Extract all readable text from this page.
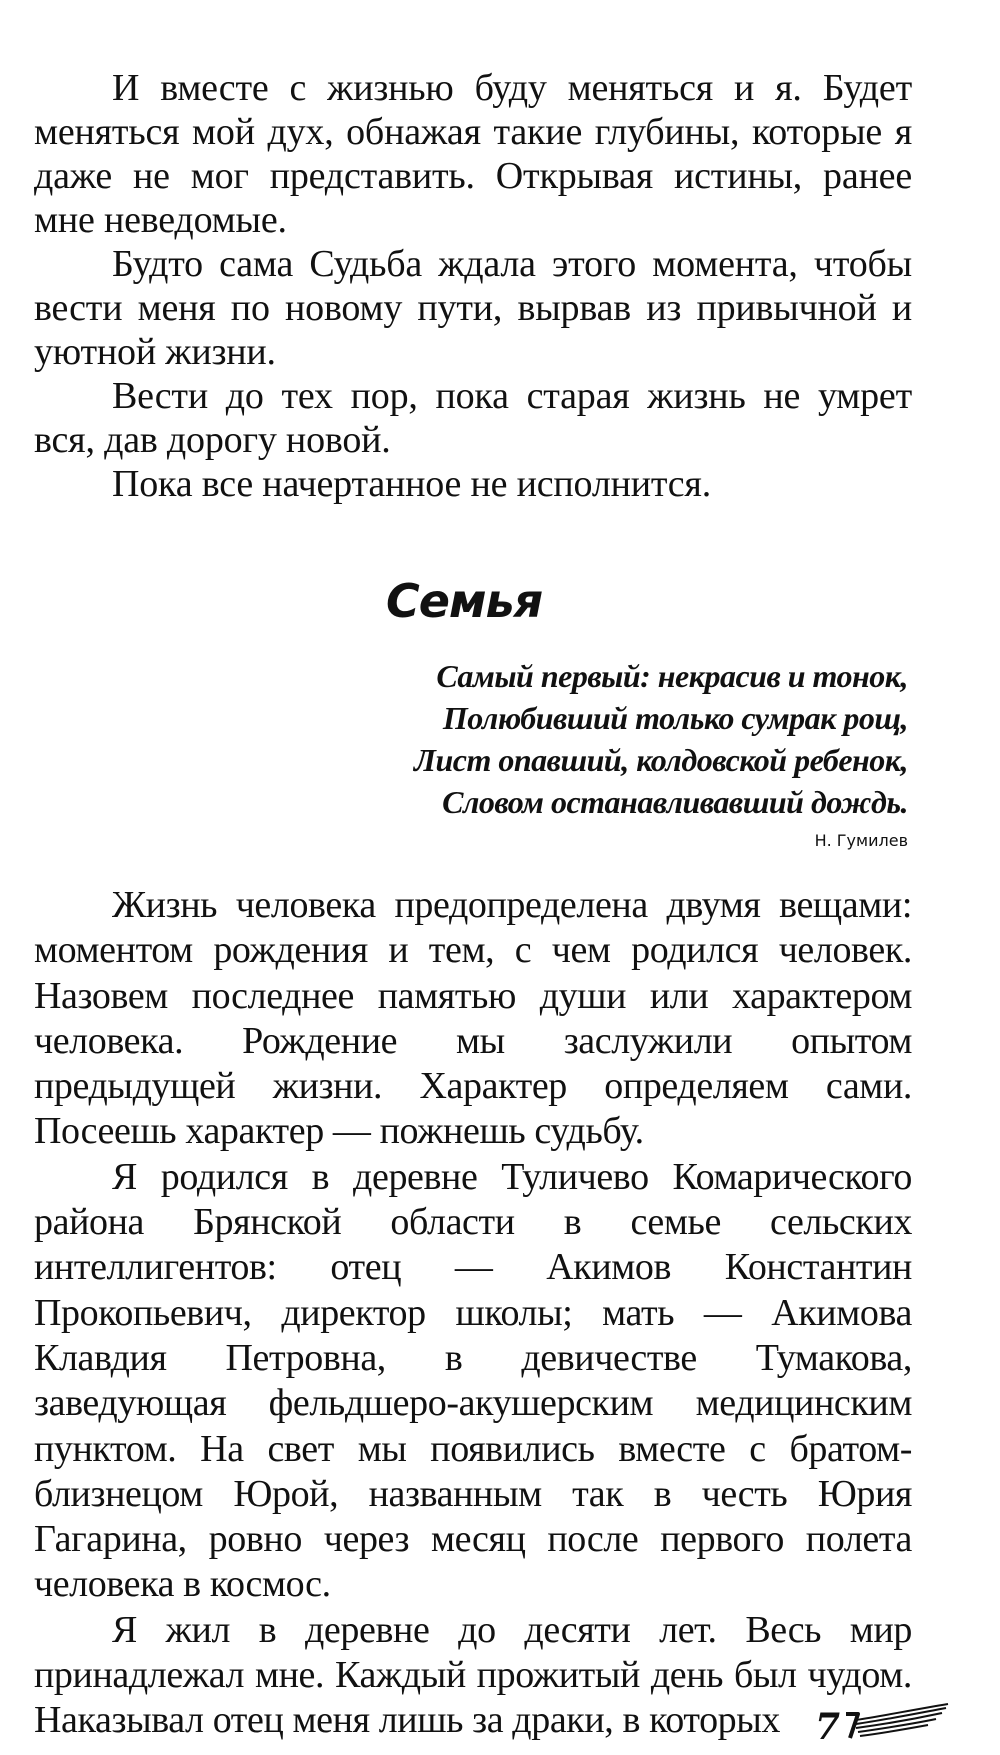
И вместе с жизнью буду меняться и я. Будет меняться мой дух, обнажая такие глубины, которые я даже не мог представить. Открывая истины, ранее мне неведомые.

Будто сама Судьба ждала этого момента, чтобы вести меня по новому пути, вырвав из привычной и уютной жизни.

Вести до тех пор, пока старая жизнь не умрет вся, дав дорогу новой.

Пока все начертанное не исполнится.

Семья

Самый первый: некрасив и тонок,

Полюбивший только сумрак рощ,

Лист опавший, колдовской ребенок,

Словом останавливавший дождь.

Н. Гумилев

Жизнь человека предопределена двумя вещами: моментом рождения и тем, с чем родился человек. Назовем последнее памятью души или характером человека. Рождение мы заслужили опытом предыдущей жизни. Характер определяем сами. Посеешь характер — пожнешь судьбу.

Я родился в деревне Туличево Комарического района Брянской области в семье сельских интеллигентов: отец — Акимов Константин Прокопьевич, директор школы; мать — Акимова Клавдия Петровна, в девичестве Тумакова, заведующая фельдшеро-акушерским медицинским пунктом. На свет мы появились вместе с братом-близнецом Юрой, названным так в честь Юрия Гагарина, ровно через месяц после первого полета человека в космос.

Я жил в деревне до десяти лет. Весь мир принадлежал мне. Каждый прожитый день был чудом. Наказывал отец меня лишь за драки, в которых 7
